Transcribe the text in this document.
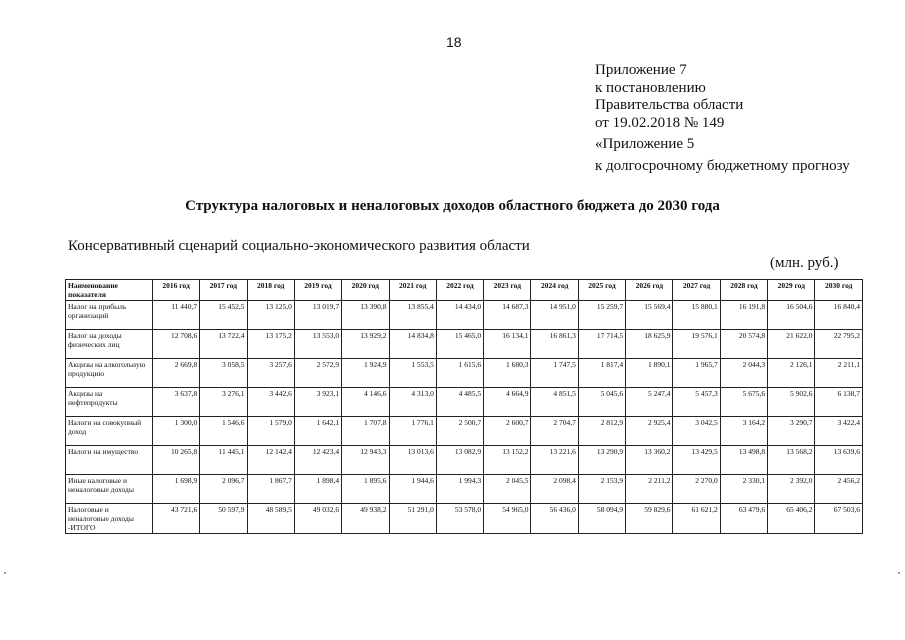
18
Приложение 7
к постановлению
Правительства области
от 19.02.2018 № 149
«Приложение 5
к долгосрочному бюджетному прогнозу
Структура налоговых и неналоговых доходов областного бюджета до 2030 года
Консервативный сценарий социально-экономического развития области
(млн. руб.)
Наименование показателя	2016 год	2017 год	2018 год	2019 год	2020 год	2021 год	2022 год	2023 год	2024 год	2025 год	2026 год	2027 год	2028 год	2029 год	2030 год
Налог на прибыль организаций	11 440,7	15 452,5	13 125,0	13 019,7	13 390,8	13 855,4	14 434,0	14 687,3	14 951,0	15 259,7	15 569,4	15 880,1	16 191,8	16 504,6	16 840,4
Налог на доходы физических лиц	12 708,6	13 722,4	13 175,2	13 553,0	13 929,2	14 834,8	15 465,0	16 134,1	16 861,3	17 714,5	18 625,9	19 576,1	20 574,8	21 622,0	22 795,2
Акцизы на алкогольную продукцию	2 669,8	3 058,5	3 257,6	2 572,9	1 924,9	1 553,5	1 615,6	1 680,3	1 747,5	1 817,4	1 890,1	1 965,7	2 044,3	2 126,1	2 211,1
Акцизы на нефтепродукты	3 637,8	3 276,1	3 442,6	3 923,1	4 146,6	4 313,0	4 485,5	4 664,9	4 851,5	5 045,6	5 247,4	5 457,3	5 675,6	5 902,6	6 138,7
Налоги на совокупный доход	1 300,0	1 546,6	1 579,0	1 642,1	1 707,8	1 776,1	2 500,7	2 600,7	2 704,7	2 812,9	2 925,4	3 042,5	3 164,2	3 290,7	3 422,4
Налоги на имущество	10 265,8	11 445,1	12 142,4	12 423,4	12 943,3	13 013,6	13 082,9	13 152,2	13 221,6	13 290,9	13 360,2	13 429,5	13 498,8	13 568,2	13 639,6
Иные налоговые и неналоговые доходы	1 698,9	2 096,7	1 867,7	1 898,4	1 895,6	1 944,6	1 994,3	2 045,5	2 098,4	2 153,9	2 211,2	2 270,0	2 330,1	2 392,0	2 456,2
Налоговые и неналоговые доходы -ИТОГО	43 721,6	50 597,9	48 589,5	49 032,6	49 938,2	51 291,0	53 578,0	54 965,0	56 436,0	58 094,9	59 829,6	61 621,2	63 479,6	65 406,2	67 503,6
